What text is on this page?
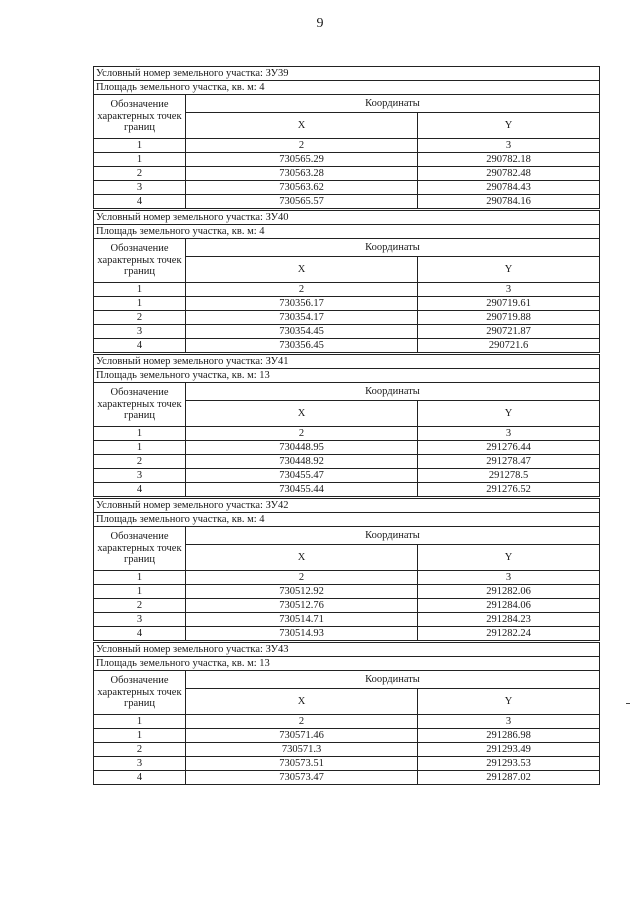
9
Условный номер земельного участка: ЗУ39		
Площадь земельного участка, кв. м: 4		
Обозначение характерных точек границ	Координаты	
	X	Y
1	2	3
1	730565.29	290782.18
2	730563.28	290782.48
3	730563.62	290784.43
4	730565.57	290784.16
Условный номер земельного участка: ЗУ40		
Площадь земельного участка, кв. м: 4		
Обозначение характерных точек границ	Координаты	
	X	Y
1	2	3
1	730356.17	290719.61
2	730354.17	290719.88
3	730354.45	290721.87
4	730356.45	290721.6
Условный номер земельного участка: ЗУ41		
Площадь земельного участка, кв. м: 13		
Обозначение характерных точек границ	Координаты	
	X	Y
1	2	3
1	730448.95	291276.44
2	730448.92	291278.47
3	730455.47	291278.5
4	730455.44	291276.52
Условный номер земельного участка: ЗУ42		
Площадь земельного участка, кв. м: 4		
Обозначение характерных точек границ	Координаты	
	X	Y
1	2	3
1	730512.92	291282.06
2	730512.76	291284.06
3	730514.71	291284.23
4	730514.93	291282.24
Условный номер земельного участка: ЗУ43		
Площадь земельного участка, кв. м: 13		
Обозначение характерных точек границ	Координаты	
	X	Y
1	2	3
1	730571.46	291286.98
2	730571.3	291293.49
3	730573.51	291293.53
4	730573.47	291287.02
